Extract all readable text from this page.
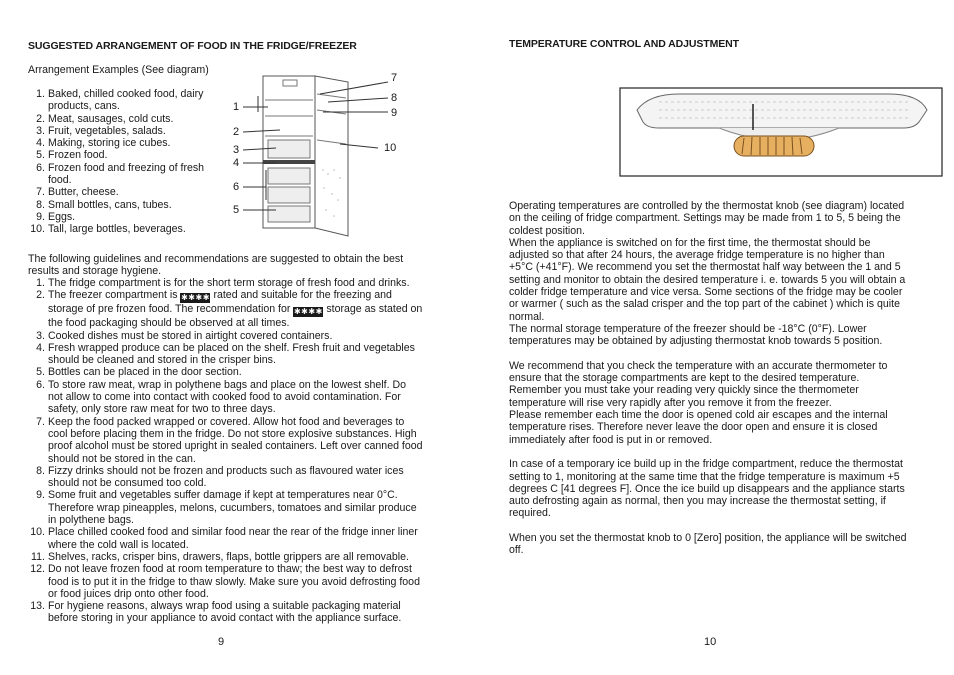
SUGGESTED ARRANGEMENT OF FOOD IN THE FRIDGE/FREEZER
Arrangement Examples (See diagram)
1. Baked, chilled cooked food, dairy products, cans.
2. Meat, sausages, cold cuts.
3. Fruit, vegetables, salads.
4. Making, storing ice cubes.
5. Frozen food.
6. Frozen food and freezing of fresh food.
7. Butter, cheese.
8. Small bottles, cans, tubes.
9. Eggs.
10. Tall, large bottles, beverages.
1
2
3
4
6
5
7
8
9
10
The following guidelines and recommendations are suggested to obtain the best results and storage hygiene.
1. The fridge compartment is for the short term storage of fresh food and drinks.
2. The freezer compartment is ✱✱✱✱ rated and suitable for the freezing and storage of pre frozen food. The recommendation for ✱✱✱✱ storage as stated on the food packaging should be observed at all times.
3. Cooked dishes must be stored in airtight covered containers.
4. Fresh wrapped produce can be placed on the shelf. Fresh fruit and vegetables should be cleaned and stored in the crisper bins.
5. Bottles can be placed in the door section.
6. To store raw meat, wrap in polythene bags and place on the lowest shelf. Do not allow to come into contact with cooked food to avoid contamination. For safety, only store raw meat for two to three days.
7. Keep the food packed wrapped or covered. Allow hot food and beverages to cool before placing them in the fridge. Do not store explosive substances. High proof alcohol must be stored upright in sealed containers. Left over canned food should not be stored in the can.
8. Fizzy drinks should not be frozen and products such as flavoured water ices should not be consumed too cold.
9. Some fruit and vegetables suffer damage if kept at temperatures near 0°C. Therefore wrap pineapples, melons, cucumbers, tomatoes and similar produce in polythene bags.
10. Place chilled cooked food and similar food near the rear of the fridge inner liner where the cold wall is located.
11. Shelves, racks, crisper bins, drawers, flaps, bottle grippers are all removable.
12. Do not leave frozen food at room temperature to thaw; the best way to defrost food is to put it in the fridge to thaw slowly. Make sure you avoid defrosting food or food juices drip onto other food.
13. For hygiene reasons, always wrap food using a suitable packaging material before storing in your appliance to avoid contact with the appliance surface.
9
TEMPERATURE CONTROL AND ADJUSTMENT

Operating temperatures are controlled by the thermostat knob (see diagram) located on the ceiling of fridge compartment. Settings may be made from 1 to 5, 5 being the coldest position.

When the appliance is switched on for the first time, the thermostat should be adjusted so that after 24 hours, the average fridge temperature is no higher than +5°C (+41°F). We recommend you set the thermostat half way between the 1 and 5 setting and monitor to obtain the desired temperature i. e. towards 5 you will obtain a colder fridge temperature and vice versa. Some sections of the fridge may be cooler or warmer ( such as the salad crisper and the top part of the cabinet ) which is quite normal.

The normal storage temperature of the freezer should be -18°C (0°F). Lower temperatures may be obtained by adjusting thermostat knob towards 5 position.

We recommend that you check the temperature with an accurate thermometer to ensure that the storage compartments are kept to the desired temperature. Remember you must take your reading very quickly since the thermometer temperature will rise very rapidly after you remove it from the freezer.

Please remember each time the door is opened cold air escapes and the internal temperature rises. Therefore never leave the door open and ensure it is closed immediately after food is put in or removed.

In case of a temporary ice build up in the fridge compartment, reduce the thermostat setting to 1, monitoring at the same time that the fridge temperature is maximum +5 degrees C [41 degrees F]. Once the ice build up disappears and the appliance starts auto defrosting again as normal, then you may increase the thermostat setting, if required.

When you set the thermostat knob to 0 [Zero] position, the appliance will be switched off.

10
